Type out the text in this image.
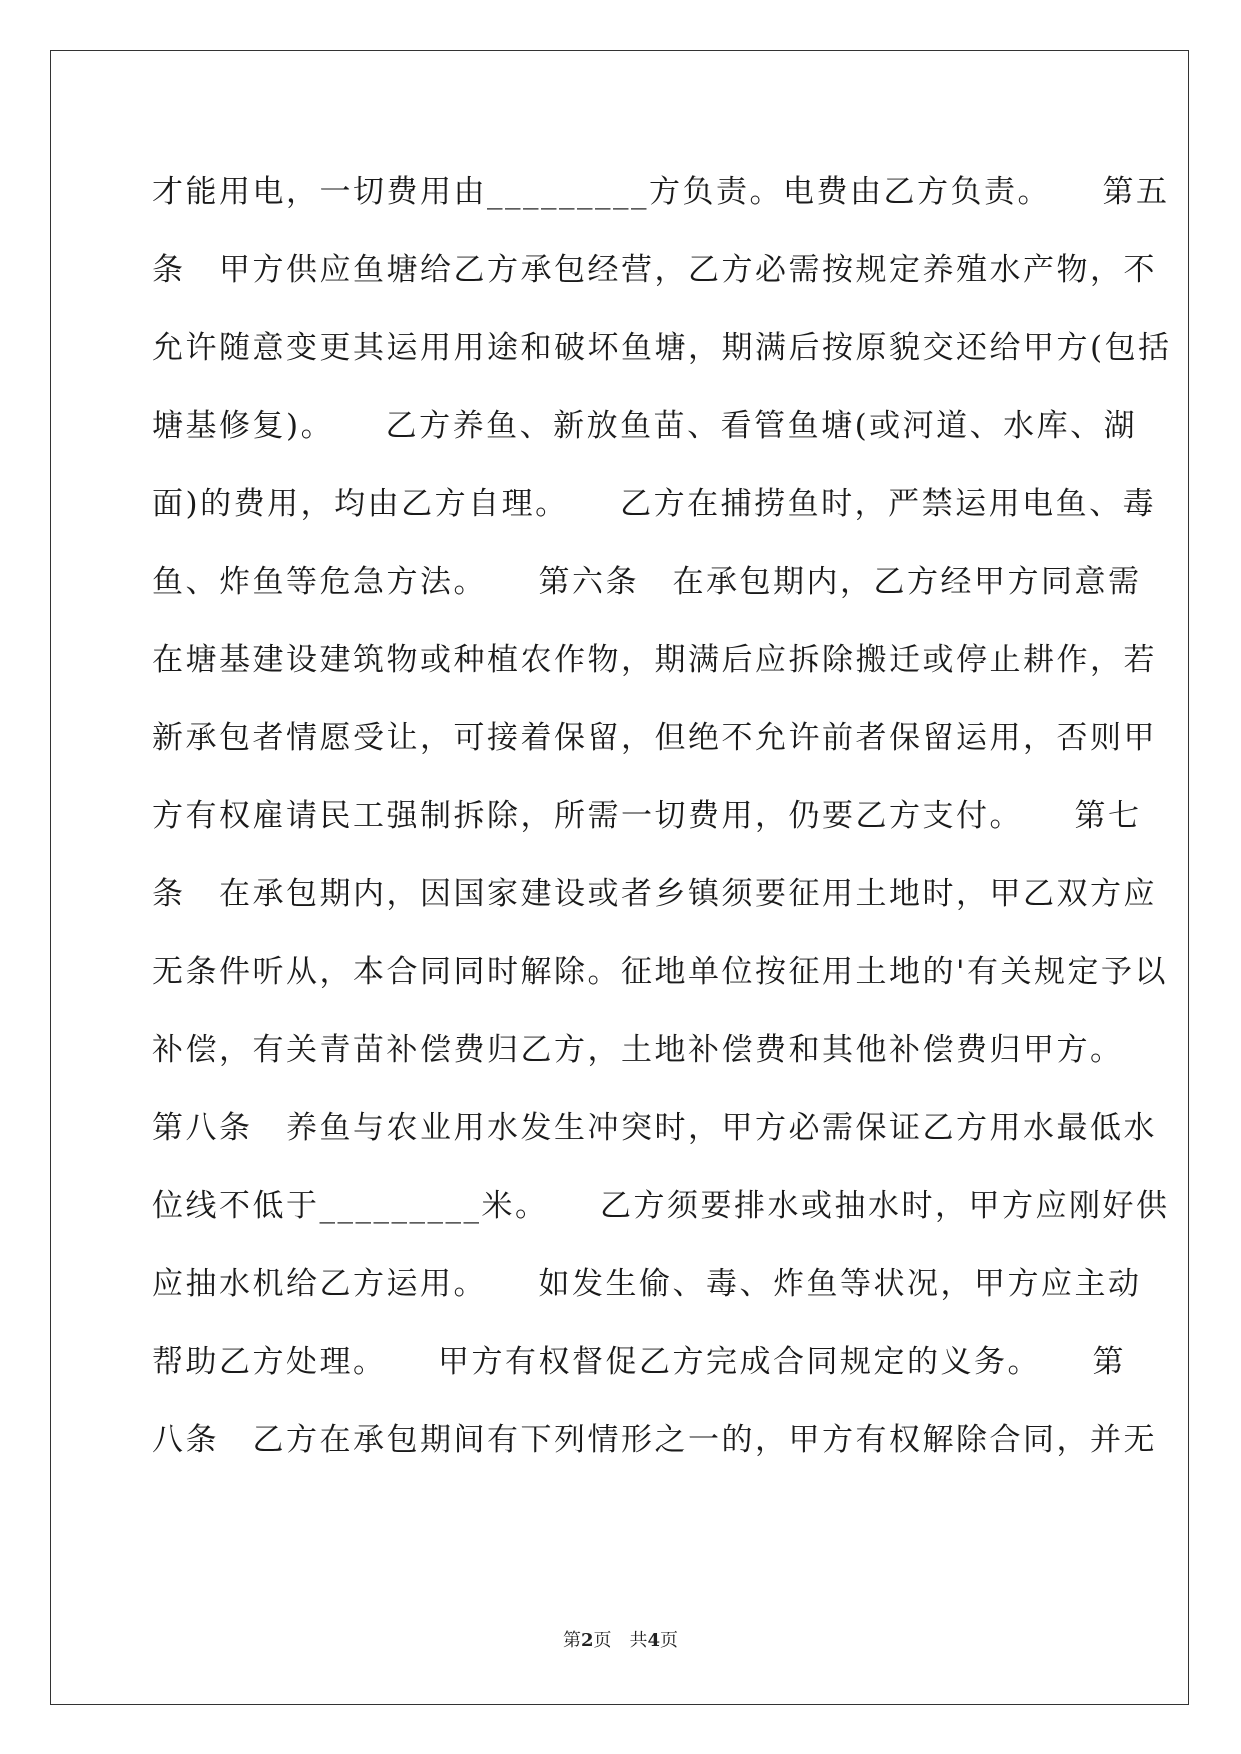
才能用电，一切费用由_________方负责。电费由乙方负责。　　第五
条　甲方供应鱼塘给乙方承包经营，乙方必需按规定养殖水产物，不
允许随意变更其运用用途和破坏鱼塘，期满后按原貌交还给甲方(包括
塘基修复)。　　乙方养鱼、新放鱼苗、看管鱼塘(或河道、水库、湖
面)的费用，均由乙方自理。　　乙方在捕捞鱼时，严禁运用电鱼、毒
鱼、炸鱼等危急方法。　　第六条　在承包期内，乙方经甲方同意需
在塘基建设建筑物或种植农作物，期满后应拆除搬迁或停止耕作，若
新承包者情愿受让，可接着保留，但绝不允许前者保留运用，否则甲
方有权雇请民工强制拆除，所需一切费用，仍要乙方支付。　　第七
条　在承包期内，因国家建设或者乡镇须要征用土地时，甲乙双方应
无条件听从，本合同同时解除。征地单位按征用土地的'有关规定予以
补偿，有关青苗补偿费归乙方，土地补偿费和其他补偿费归甲方。
第八条　养鱼与农业用水发生冲突时，甲方必需保证乙方用水最低水
位线不低于_________米。　　乙方须要排水或抽水时，甲方应刚好供
应抽水机给乙方运用。　　如发生偷、毒、炸鱼等状况，甲方应主动
帮助乙方处理。　　甲方有权督促乙方完成合同规定的义务。　　第
八条　乙方在承包期间有下列情形之一的，甲方有权解除合同，并无
第2页　共4页
